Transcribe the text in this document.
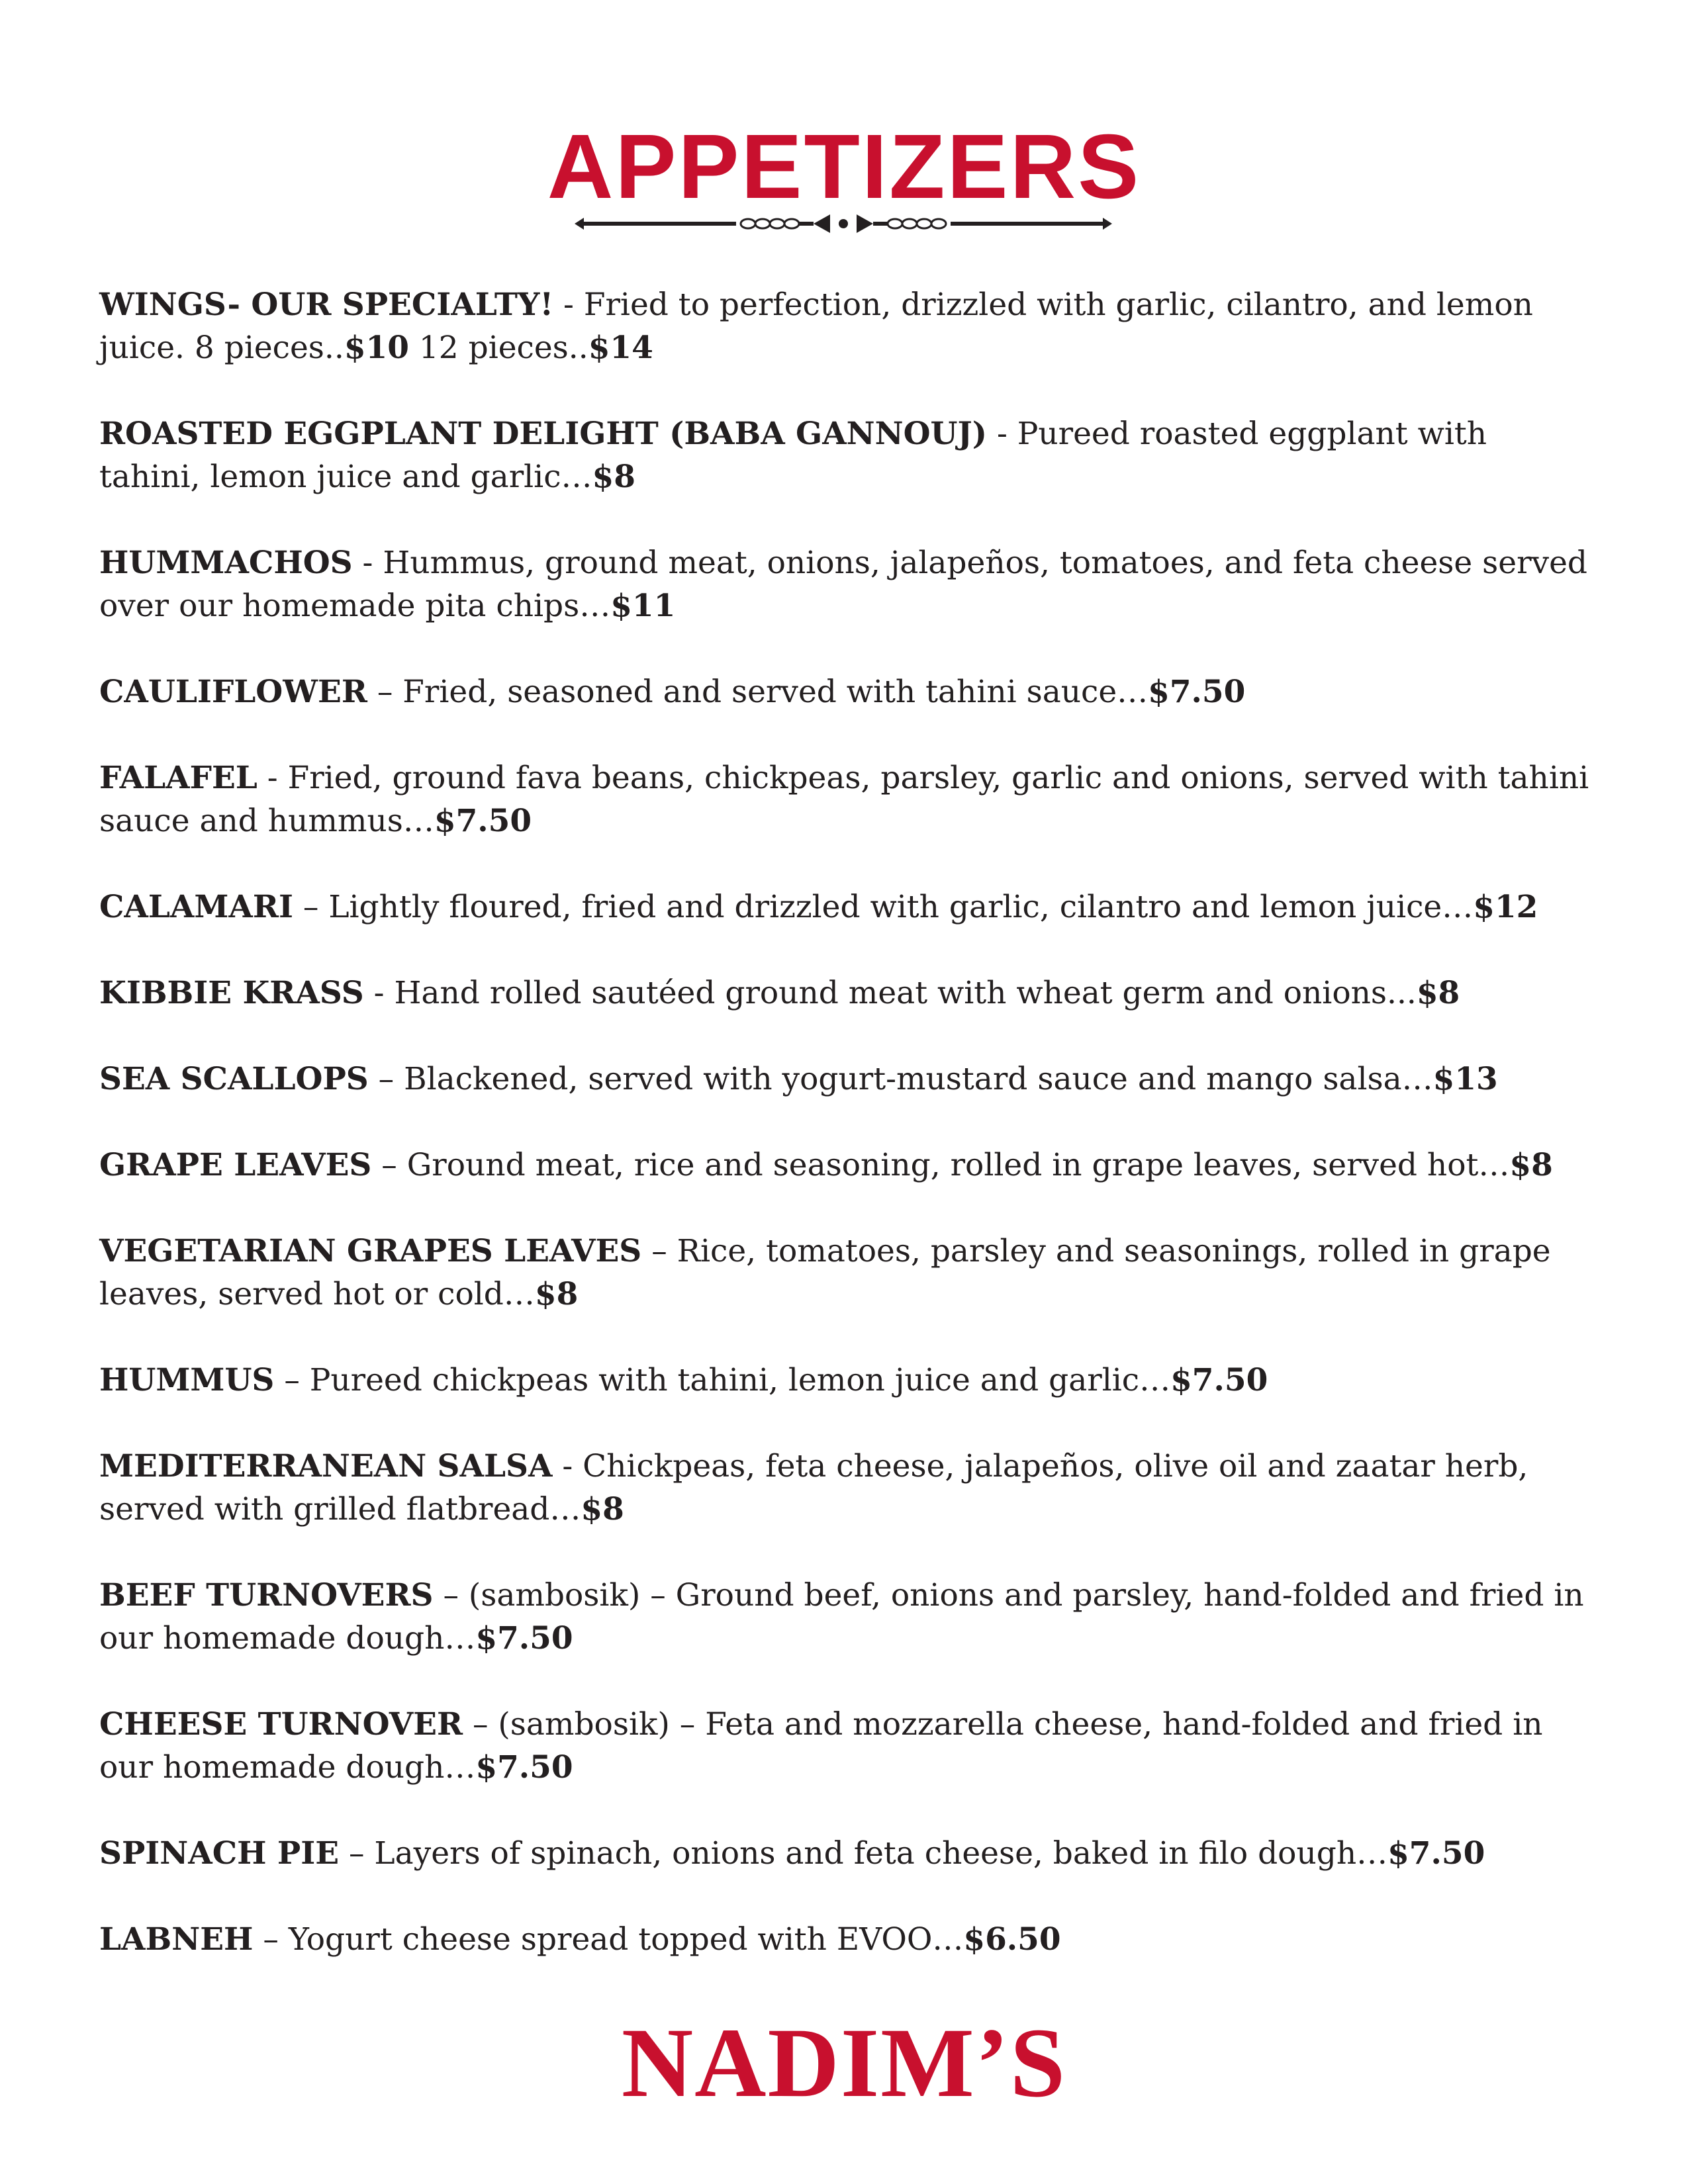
APPETIZERS

WINGS- OUR SPECIALTY! - Fried to perfection, drizzled with garlic, cilantro, and lemon juice. 8 pieces..$10 12 pieces..$14

ROASTED EGGPLANT DELIGHT (BABA GANNOUJ) - Pureed roasted eggplant with tahini, lemon juice and garlic…$8

HUMMACHOS - Hummus, ground meat, onions, jalapeños, tomatoes, and feta cheese served over our homemade pita chips…$11

CAULIFLOWER – Fried, seasoned and served with tahini sauce…$7.50

FALAFEL - Fried, ground fava beans, chickpeas, parsley, garlic and onions, served with tahini sauce and hummus…$7.50

CALAMARI – Lightly floured, fried and drizzled with garlic, cilantro and lemon juice…$12

KIBBIE KRASS - Hand rolled sautéed ground meat with wheat germ and onions...$8

SEA SCALLOPS – Blackened, served with yogurt-mustard sauce and mango salsa…$13

GRAPE LEAVES – Ground meat, rice and seasoning, rolled in grape leaves, served hot…$8

VEGETARIAN GRAPES LEAVES – Rice, tomatoes, parsley and seasonings, rolled in grape leaves, served hot or cold…$8

HUMMUS – Pureed chickpeas with tahini, lemon juice and garlic…$7.50

MEDITERRANEAN SALSA - Chickpeas, feta cheese, jalapeños, olive oil and zaatar herb, served with grilled flatbread…$8

BEEF TURNOVERS – (sambosik) – Ground beef, onions and parsley, hand-folded and fried in our homemade dough…$7.50

CHEESE TURNOVER – (sambosik) – Feta and mozzarella cheese, hand-folded and fried in our homemade dough…$7.50

SPINACH PIE – Layers of spinach, onions and feta cheese, baked in filo dough…$7.50

LABNEH – Yogurt cheese spread topped with EVOO…$6.50

NADIM’S
